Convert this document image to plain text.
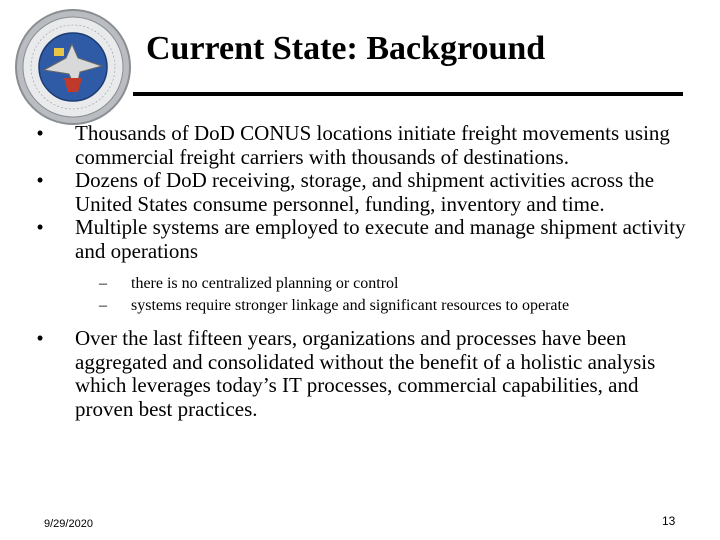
Current State: Background
•	Thousands of DoD CONUS locations initiate freight movements using commercial freight carriers with thousands of destinations.
•	Dozens of DoD receiving, storage, and shipment activities across the United States consume personnel, funding, inventory and time.
•	Multiple systems are employed to execute and manage shipment activity and operations
– there is no centralized planning or control
– systems require stronger linkage and significant resources to operate
•	Over the last fifteen years, organizations and processes have been aggregated and consolidated without the benefit of a holistic analysis which leverages today’s IT processes, commercial capabilities, and proven best practices.
9/29/2020	13
